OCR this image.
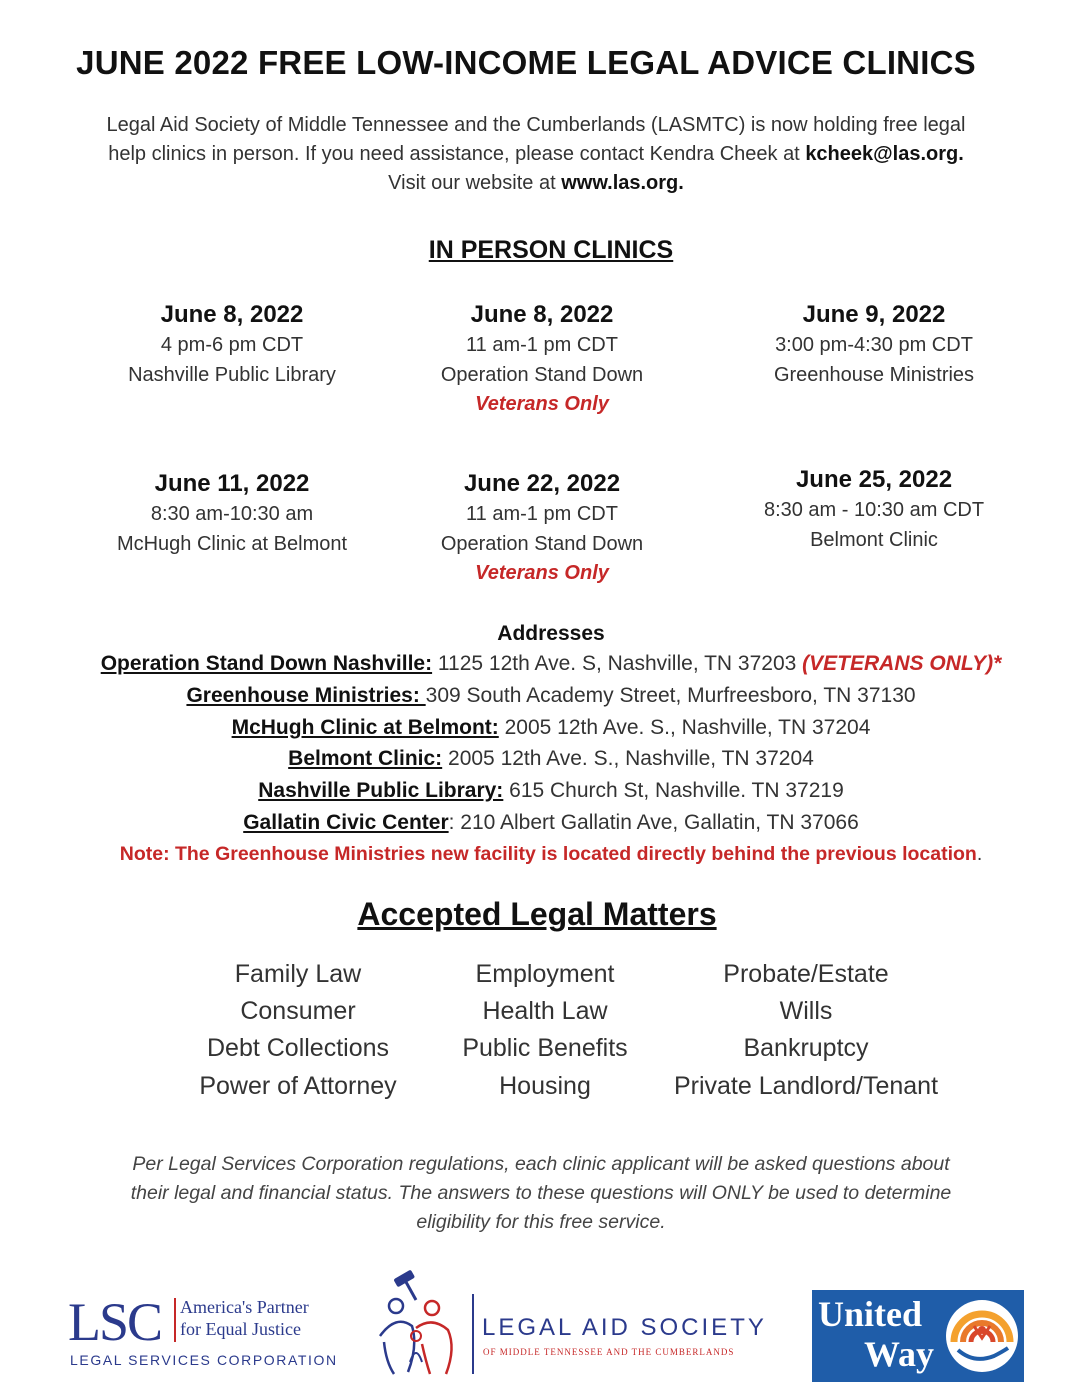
JUNE 2022 FREE LOW-INCOME LEGAL ADVICE CLINICS
Legal Aid Society of Middle Tennessee and the Cumberlands (LASMTC) is now holding free legal
help clinics in person. If you need assistance, please contact Kendra Cheek at kcheek@las.org.
Visit our website at www.las.org.
IN PERSON CLINICS
June 8, 2022
4 pm-6 pm CDT
Nashville Public Library
June 8, 2022
11 am-1 pm CDT
Operation Stand Down
Veterans Only
June 9, 2022
3:00 pm-4:30 pm CDT
Greenhouse Ministries
June 11, 2022
8:30 am-10:30 am
McHugh Clinic at Belmont
June 22, 2022
11 am-1 pm CDT
Operation Stand Down
Veterans Only
June 25, 2022
8:30 am - 10:30 am CDT
Belmont Clinic
Addresses
Operation Stand Down Nashville: 1125 12th Ave. S, Nashville, TN 37203 (VETERANS ONLY)*
Greenhouse Ministries: 309 South Academy Street, Murfreesboro, TN 37130
McHugh Clinic at Belmont: 2005 12th Ave. S., Nashville, TN 37204
Belmont Clinic: 2005 12th Ave. S., Nashville, TN 37204
Nashville Public Library: 615 Church St, Nashville. TN 37219
Gallatin Civic Center: 210 Albert Gallatin Ave, Gallatin, TN 37066
Note: The Greenhouse Ministries new facility is located directly behind the previous location.
Accepted Legal Matters
Family Law
Consumer
Debt Collections
Power of Attorney
Employment
Health Law
Public Benefits
Housing
Probate/Estate
Wills
Bankruptcy
Private Landlord/Tenant
Per Legal Services Corporation regulations, each clinic applicant will be asked questions about
their legal and financial status. The answers to these questions will ONLY be used to determine
eligibility for this free service.
LSC America's Partner
for Equal Justice
LEGAL SERVICES CORPORATION
LEGAL AID SOCIETY
OF MIDDLE TENNESSEE AND THE CUMBERLANDS
United
Way
